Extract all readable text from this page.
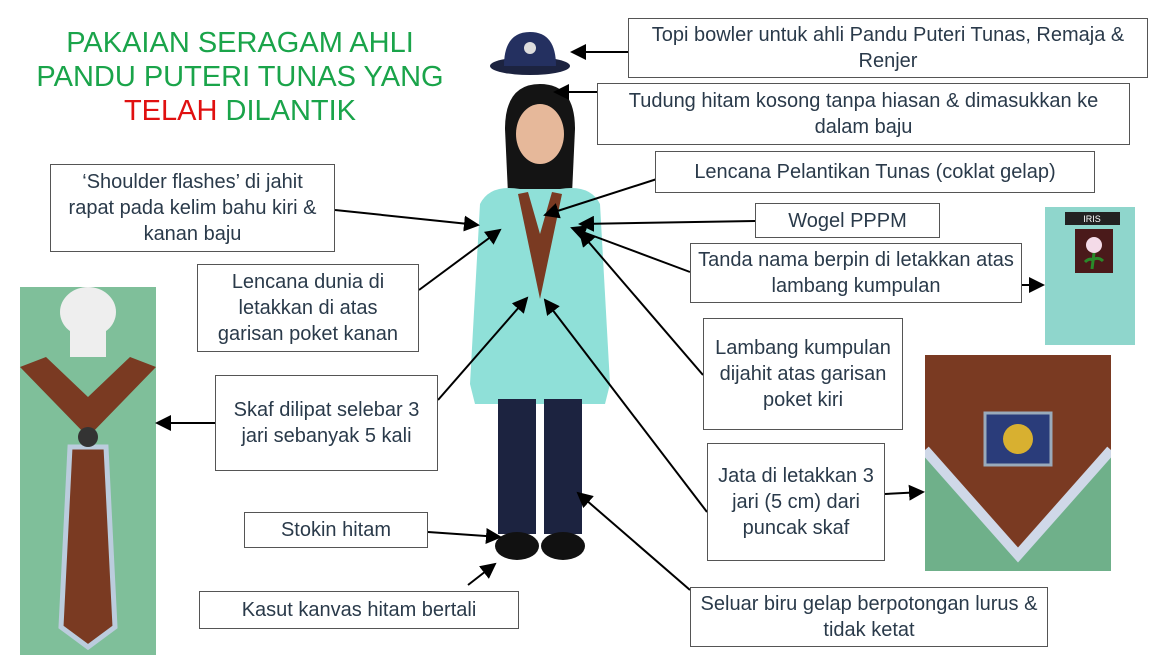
PAKAIAN SERAGAM AHLI
PANDU PUTERI TUNAS YANG
TELAH DILANTIK
IRIS
Topi bowler untuk ahli Pandu Puteri Tunas, Remaja & Renjer
Tudung hitam kosong tanpa hiasan & dimasukkan ke dalam baju
Lencana Pelantikan Tunas (coklat gelap)
Wogel PPPM
Tanda nama berpin di letakkan atas lambang kumpulan
Lambang kumpulan dijahit atas garisan poket kiri
Jata di letakkan 3 jari (5 cm) dari puncak skaf
Seluar biru gelap berpotongan lurus & tidak ketat
‘Shoulder flashes’ di jahit rapat pada kelim bahu kiri & kanan baju
Lencana dunia di letakkan di atas garisan poket kanan
Skaf dilipat selebar 3 jari sebanyak 5 kali
Stokin hitam
Kasut kanvas hitam bertali
